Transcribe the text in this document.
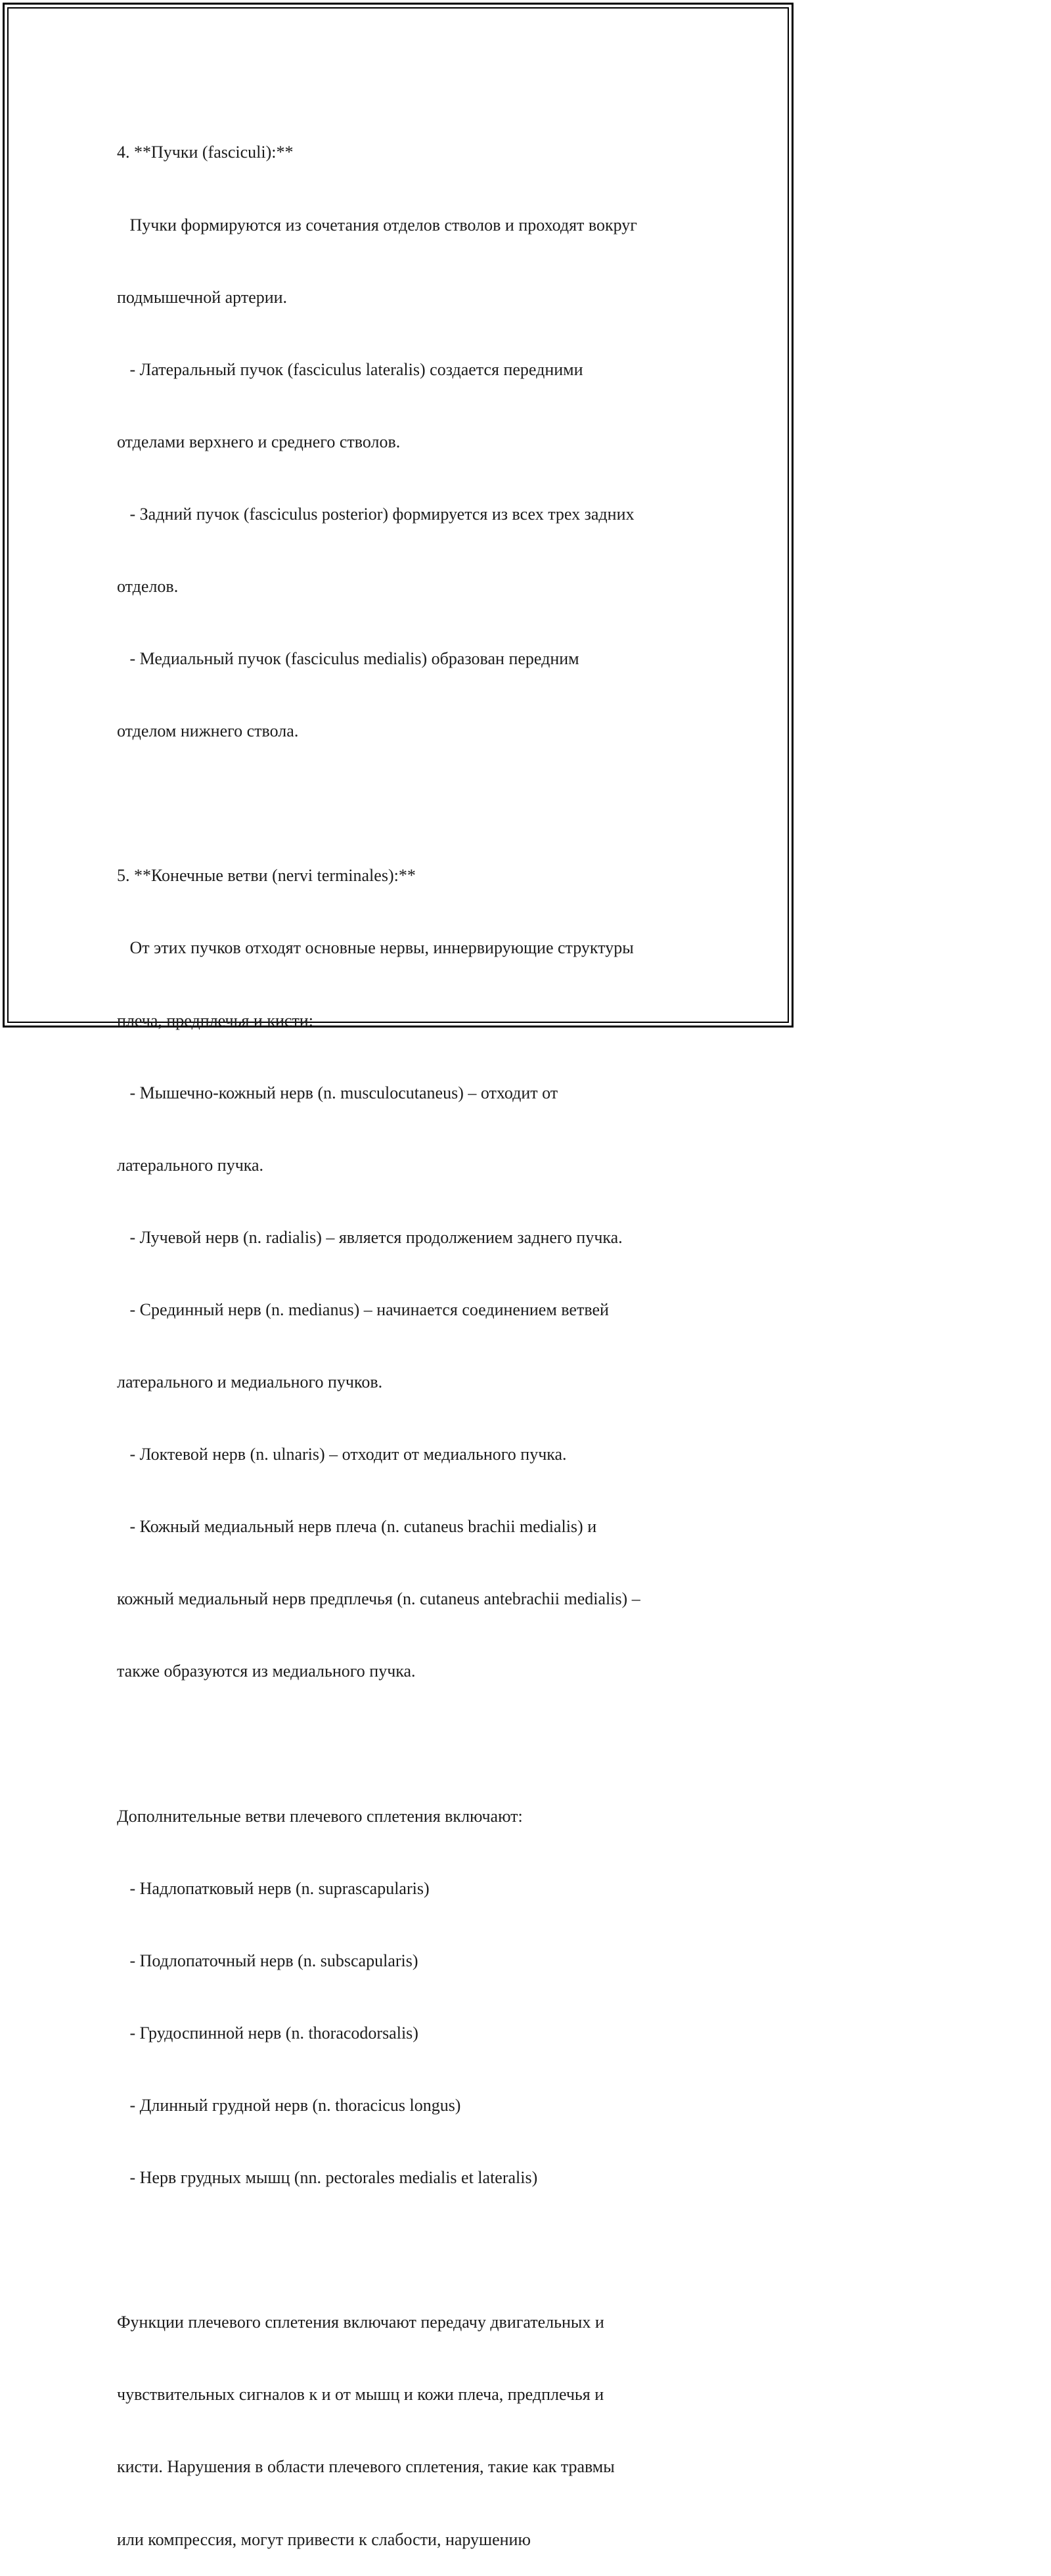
4. **Пучки (fasciculi):**

Пучки формируются из сочетания отделов стволов и проходят вокруг

подмышечной артерии.

- Латеральный пучок (fasciculus lateralis) создается передними

отделами верхнего и среднего стволов.

- Задний пучок (fasciculus posterior) формируется из всех трех задних

отделов.

- Медиальный пучок (fasciculus medialis) образован передним

отделом нижнего ствола.

5. **Конечные ветви (nervi terminales):**

От этих пучков отходят основные нервы, иннервирующие структуры

плеча, предплечья и кисти:

- Мышечно-кожный нерв (n. musculocutaneus) – отходит от

латерального пучка.

- Лучевой нерв (n. radialis) – является продолжением заднего пучка.

- Срединный нерв (n. medianus) – начинается соединением ветвей

латерального и медиального пучков.

- Локтевой нерв (n. ulnaris) – отходит от медиального пучка.

- Кожный медиальный нерв плеча (n. cutaneus brachii medialis) и

кожный медиальный нерв предплечья (n. cutaneus antebrachii medialis) –

также образуются из медиального пучка.

Дополнительные ветви плечевого сплетения включают:

- Надлопатковый нерв (n. suprascapularis)

- Подлопаточный нерв (n. subscapularis)

- Грудоспинной нерв (n. thoracodorsalis)

- Длинный грудной нерв (n. thoracicus longus)

- Нерв грудных мышц (nn. pectorales medialis et lateralis)

Функции плечевого сплетения включают передачу двигательных и

чувствительных сигналов к и от мышц и кожи плеча, предплечья и

кисти. Нарушения в области плечевого сплетения, такие как травмы

или компрессия, могут привести к слабости, нарушению
